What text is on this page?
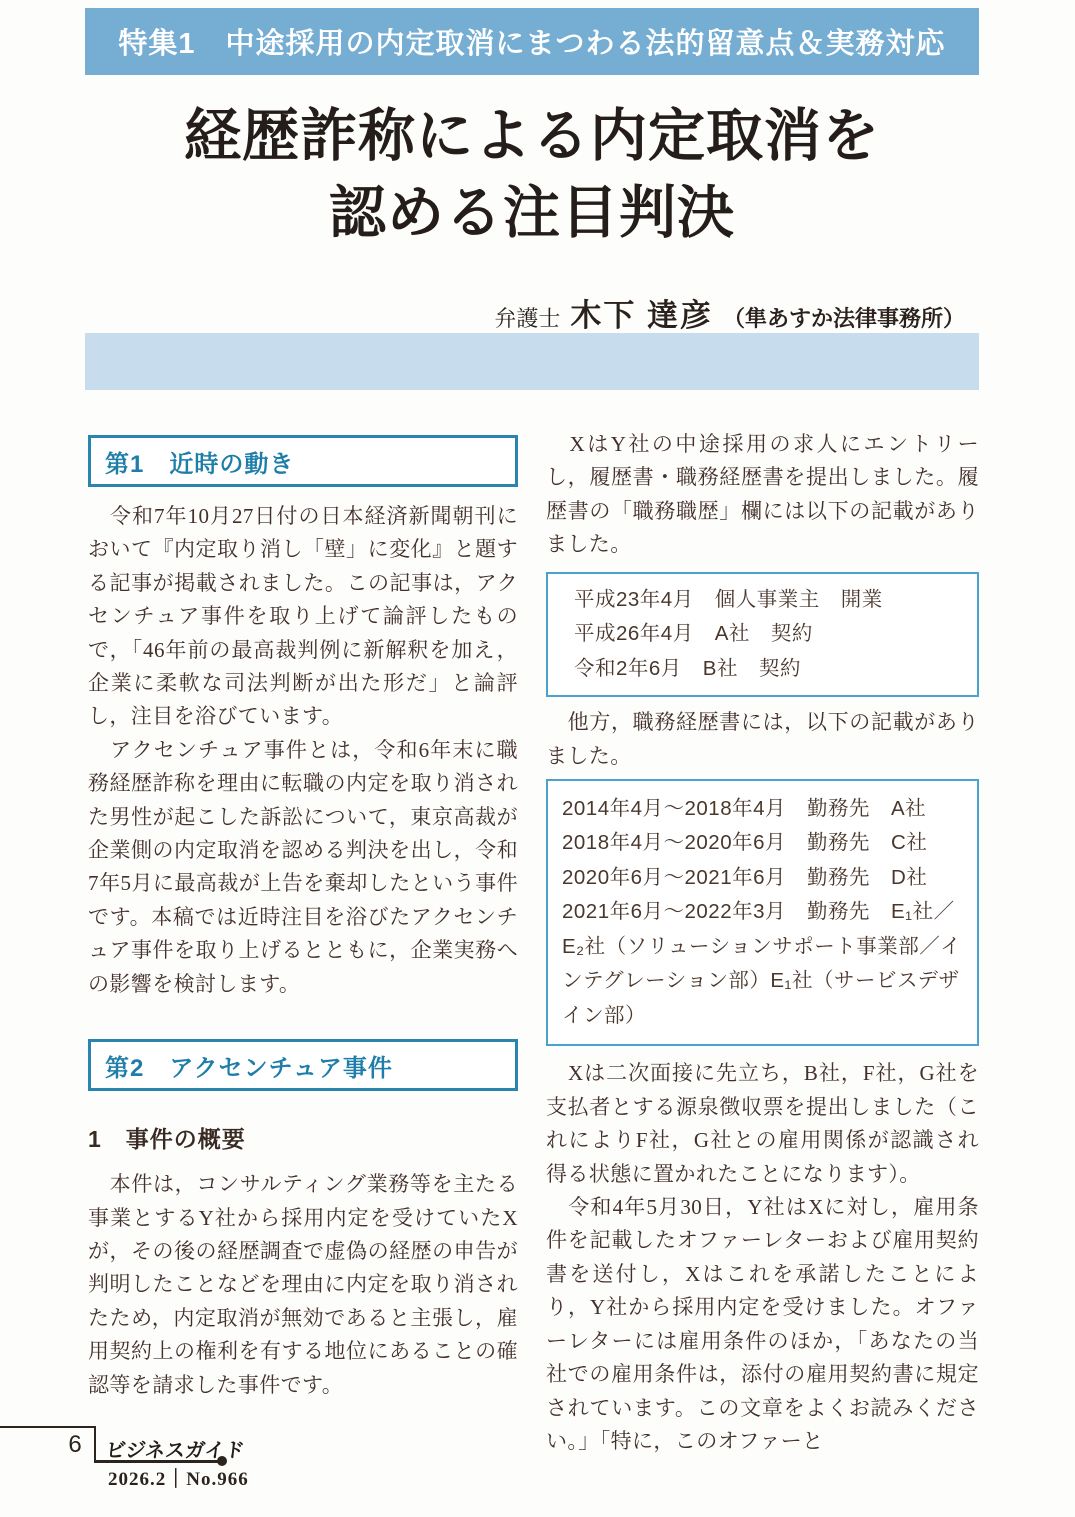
特集1　中途採用の内定取消にまつわる法的留意点＆実務対応
経歴詐称による内定取消を
認める注目判決
弁護士 木下 達彦 （隼あすか法律事務所）
第1　近時の動き

　令和7年10月27日付の日本経済新聞朝刊において『内定取り消し「壁」に変化』と題する記事が掲載されました。この記事は，アクセンチュア事件を取り上げて論評したもので，「46年前の最高裁判例に新解釈を加え，企業に柔軟な司法判断が出た形だ」と論評し，注目を浴びています。

　アクセンチュア事件とは，令和6年末に職務経歴詐称を理由に転職の内定を取り消された男性が起こした訴訟について，東京高裁が企業側の内定取消を認める判決を出し，令和7年5月に最高裁が上告を棄却したという事件です。本稿では近時注目を浴びたアクセンチュア事件を取り上げるとともに，企業実務への影響を検討します。

第2　アクセンチュア事件
1　事件の概要

　本件は，コンサルティング業務等を主たる事業とするY社から採用内定を受けていたXが，その後の経歴調査で虚偽の経歴の申告が判明したことなどを理由に内定を取り消されたため，内定取消が無効であると主張し，雇用契約上の権利を有する地位にあることの確認等を請求した事件です。

　XはY社の中途採用の求人にエントリーし，履歴書・職務経歴書を提出しました。履歴書の「職務職歴」欄には以下の記載がありました。

平成23年4月　個人事業主　開業
平成26年4月　A社　契約
令和2年6月　B社　契約

　他方，職務経歴書には，以下の記載がありました。

2014年4月～2018年4月　勤務先　A社
2018年4月～2020年6月　勤務先　C社
2020年6月～2021年6月　勤務先　D社
2021年6月～2022年3月　勤務先　E₁社／E₂社（ソリューションサポート事業部／インテグレーション部）E₁社（サービスデザイン部）

　Xは二次面接に先立ち，B社，F社，G社を支払者とする源泉徴収票を提出しました（これによりF社，G社との雇用関係が認識され得る状態に置かれたことになります）。

　令和4年5月30日，Y社はXに対し，雇用条件を記載したオファーレターおよび雇用契約書を送付し，Xはこれを承諾したことにより，Y社から採用内定を受けました。オファーレターには雇用条件のほか，「あなたの当社での雇用条件は，添付の雇用契約書に規定されています。この文章をよくお読みください。」「特に，このオファーと

6	ビジネスガイド
2026.2｜No.966
